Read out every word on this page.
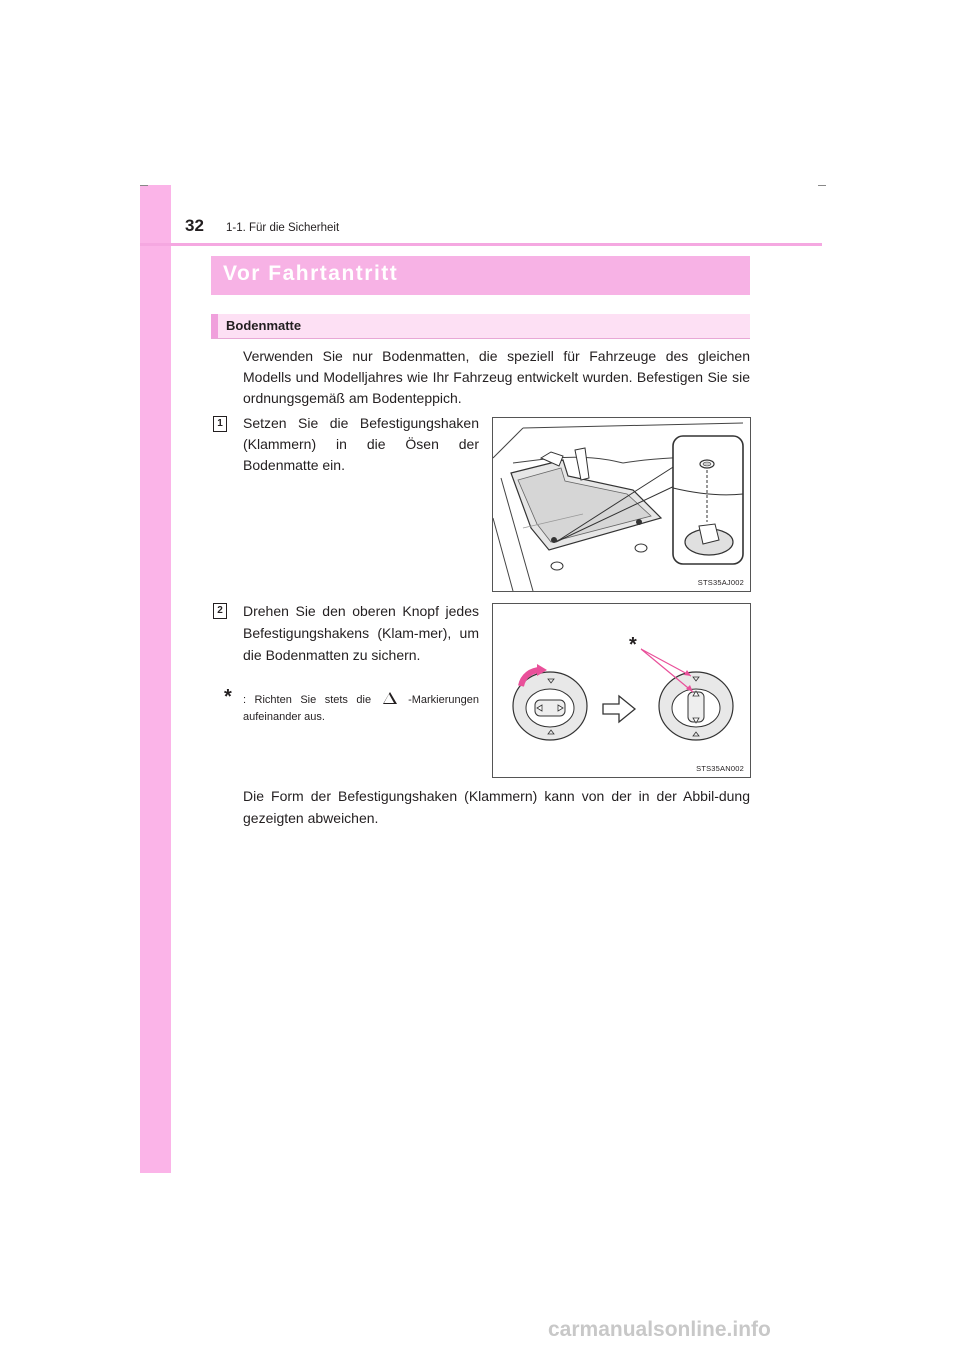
32 1-1. Für die Sicherheit
Vor Fahrtantritt
Bodenmatte
Verwenden Sie nur Bodenmatten, die speziell für Fahrzeuge des gleichen Modells und Modelljahres wie Ihr Fahrzeug entwickelt wurden. Befestigen Sie sie ordnungsgemäß am Bodenteppich.
1	Setzen Sie die Befestigungshaken (Klammern) in die Ösen der Bodenmatte ein.
STS35AJ002
2	Drehen Sie den oberen Knopf jedes Befestigungshakens (Klam-mer), um die Bodenmatten zu sichern.
* : Richten Sie stets die	-Markierungen aufeinander aus.
*
STS35AN002
Die Form der Befestigungshaken (Klammern) kann von der in der Abbil-dung gezeigten abweichen.
carmanualsonline.info
